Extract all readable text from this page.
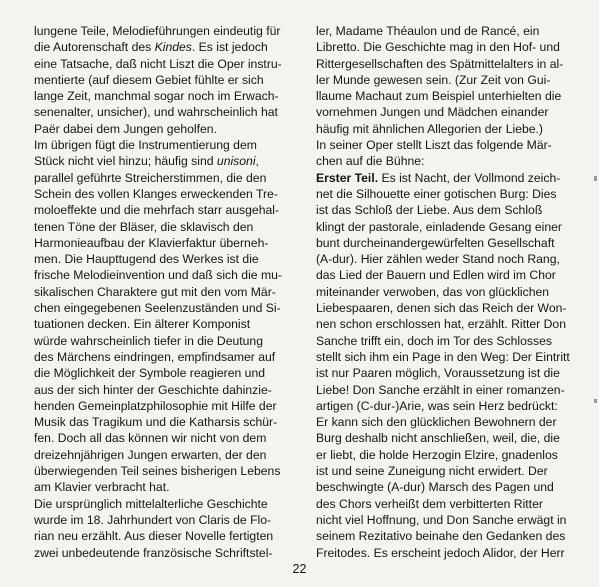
lungene Teile, Melodieführungen eindeutig für
die Autorenschaft des Kindes. Es ist jedoch
eine Tatsache, daß nicht Liszt die Oper instru-
mentierte (auf diesem Gebiet fühlte er sich
lange Zeit, manchmal sogar noch im Erwach-
senenalter, unsicher), und wahrscheinlich hat
Paër dabei dem Jungen geholfen.

Im übrigen fügt die Instrumentierung dem
Stück nicht viel hinzu; häufig sind unisoni,
parallel geführte Streicherstimmen, die den
Schein des vollen Klanges erweckenden Tre-
moloeffekte und die mehrfach starr ausgehal-
tenen Töne der Bläser, die sklavisch den
Harmonieaufbau der Klavierfaktur überneh-
men. Die Haupttugend des Werkes ist die
frische Melodieinvention und daß sich die mu-
sikalischen Charaktere gut mit den vom Mär-
chen eingegebenen Seelenzuständen und Si-
tuationen decken. Ein älterer Komponist
würde wahrscheinlich tiefer in die Deutung
des Märchens eindringen, empfindsamer auf

die Möglichkeit der Symbole reagieren und
aus der sich hinter der Geschichte dahinzie-
henden Gemeinplatzphilosophie mit Hilfe der
Musik das Tragikum und die Katharsis schür-
fen. Doch all das können wir nicht von dem
dreizehnjährigen Jungen erwarten, der den
überwiegenden Teil seines bisherigen Lebens
am Klavier verbracht hat.

Die ursprünglich mittelalterliche Geschichte
wurde im 18. Jahrhundert von Claris de Flo-
rian neu erzählt. Aus dieser Novelle fertigten
zwei unbedeutende französische Schriftstel-

ler, Madame Théaulon und de Rancé, ein
Libretto. Die Geschichte mag in den Hof- und
Rittergesellschaften des Spätmittelalters in al-
ler Munde gewesen sein. (Zur Zeit von Gui-
llaume Machaut zum Beispiel unterhielten die
vornehmen Jungen und Mädchen einander
häufig mit ähnlichen Allegorien der Liebe.)

In seiner Oper stellt Liszt das folgende Mär-
chen auf die Bühne:

Erster Teil. Es ist Nacht, der Vollmond zeich-
net die Silhouette einer gotischen Burg: Dies
ist das Schloß der Liebe. Aus dem Schloß
klingt der pastorale, einladende Gesang einer
bunt durcheinandergewürfelten Gesellschaft
(A-dur). Hier zählen weder Stand noch Rang,
das Lied der Bauern und Edlen wird im Chor
miteinander verwoben, das von glücklichen
Liebespaaren, denen sich das Reich der Won-
nen schon erschlossen hat, erzählt. Ritter Don
Sanche trifft ein, doch im Tor des Schlosses
stellt sich ihm ein Page in den Weg: Der Eintritt
ist nur Paaren möglich, Voraussetzung ist die
Liebe! Don Sanche erzählt in einer romanzen-
artigen (C-dur-)Arie, was sein Herz bedrückt:
Er kann sich den glücklichen Bewohnern der
Burg deshalb nicht anschließen, weil, die, die
er liebt, die holde Herzogin Elzire, gnadenlos
ist und seine Zuneigung nicht erwidert. Der
beschwingte (A-dur) Marsch des Pagen und
des Chors verheißt dem verbitterten Ritter
nicht viel Hoffnung, und Don Sanche erwägt in
seinem Rezitativo beinahe den Gedanken des
Freitodes. Es erscheint jedoch Alidor, der Herr

22
